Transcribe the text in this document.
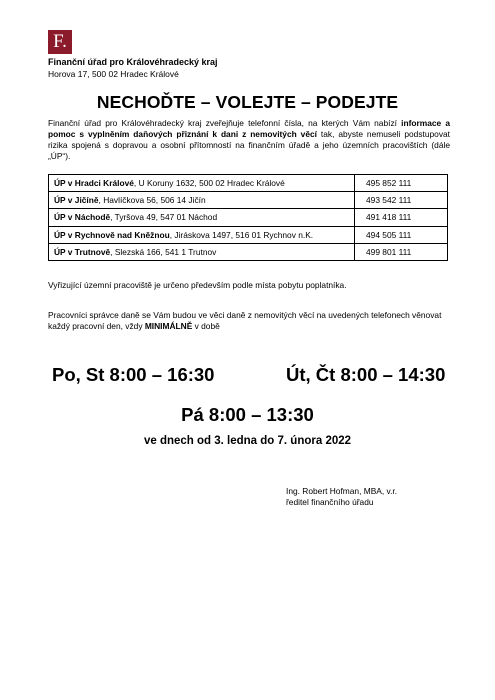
F.
Finanční úřad pro Královéhradecký kraj
Horova 17, 500 02 Hradec Králové
NECHOĎTE – VOLEJTE – PODEJTE
Finanční úřad pro Královéhradecký kraj zveřejňuje telefonní čísla, na kterých Vám nabízí informace a pomoc s vyplněním daňových přiznání k dani z nemovitých věcí tak, abyste nemuseli podstupovat rizika spojená s dopravou a osobní přítomností na finančním úřadě a jeho územních pracovištích (dále „ÚP“).
ÚP v Hradci Králové, U Koruny 1632, 500 02 Hradec Králové	495 852 111
ÚP v Jičíně, Havlíčkova 56, 506 14 Jičín	493 542 111
ÚP v Náchodě, Tyršova 49, 547 01 Náchod	491 418 111
ÚP v Rychnově nad Kněžnou, Jiráskova 1497, 516 01 Rychnov n.K.	494 505 111
ÚP v Trutnově, Slezská 166, 541 1 Trutnov	499 801 111
Vyřizující územní pracoviště je určeno především podle místa pobytu poplatníka.
Pracovníci správce daně se Vám budou ve věci daně z nemovitých věcí na uvedených telefonech věnovat každý pracovní den, vždy MINIMÁLNĚ v době
Po, St 8:00 – 16:30	Út, Čt 8:00 – 14:30
Pá 8:00 – 13:30
ve dnech od 3. ledna do 7. února 2022
Ing. Robert Hofman, MBA, v.r.
ředitel finančního úřadu
